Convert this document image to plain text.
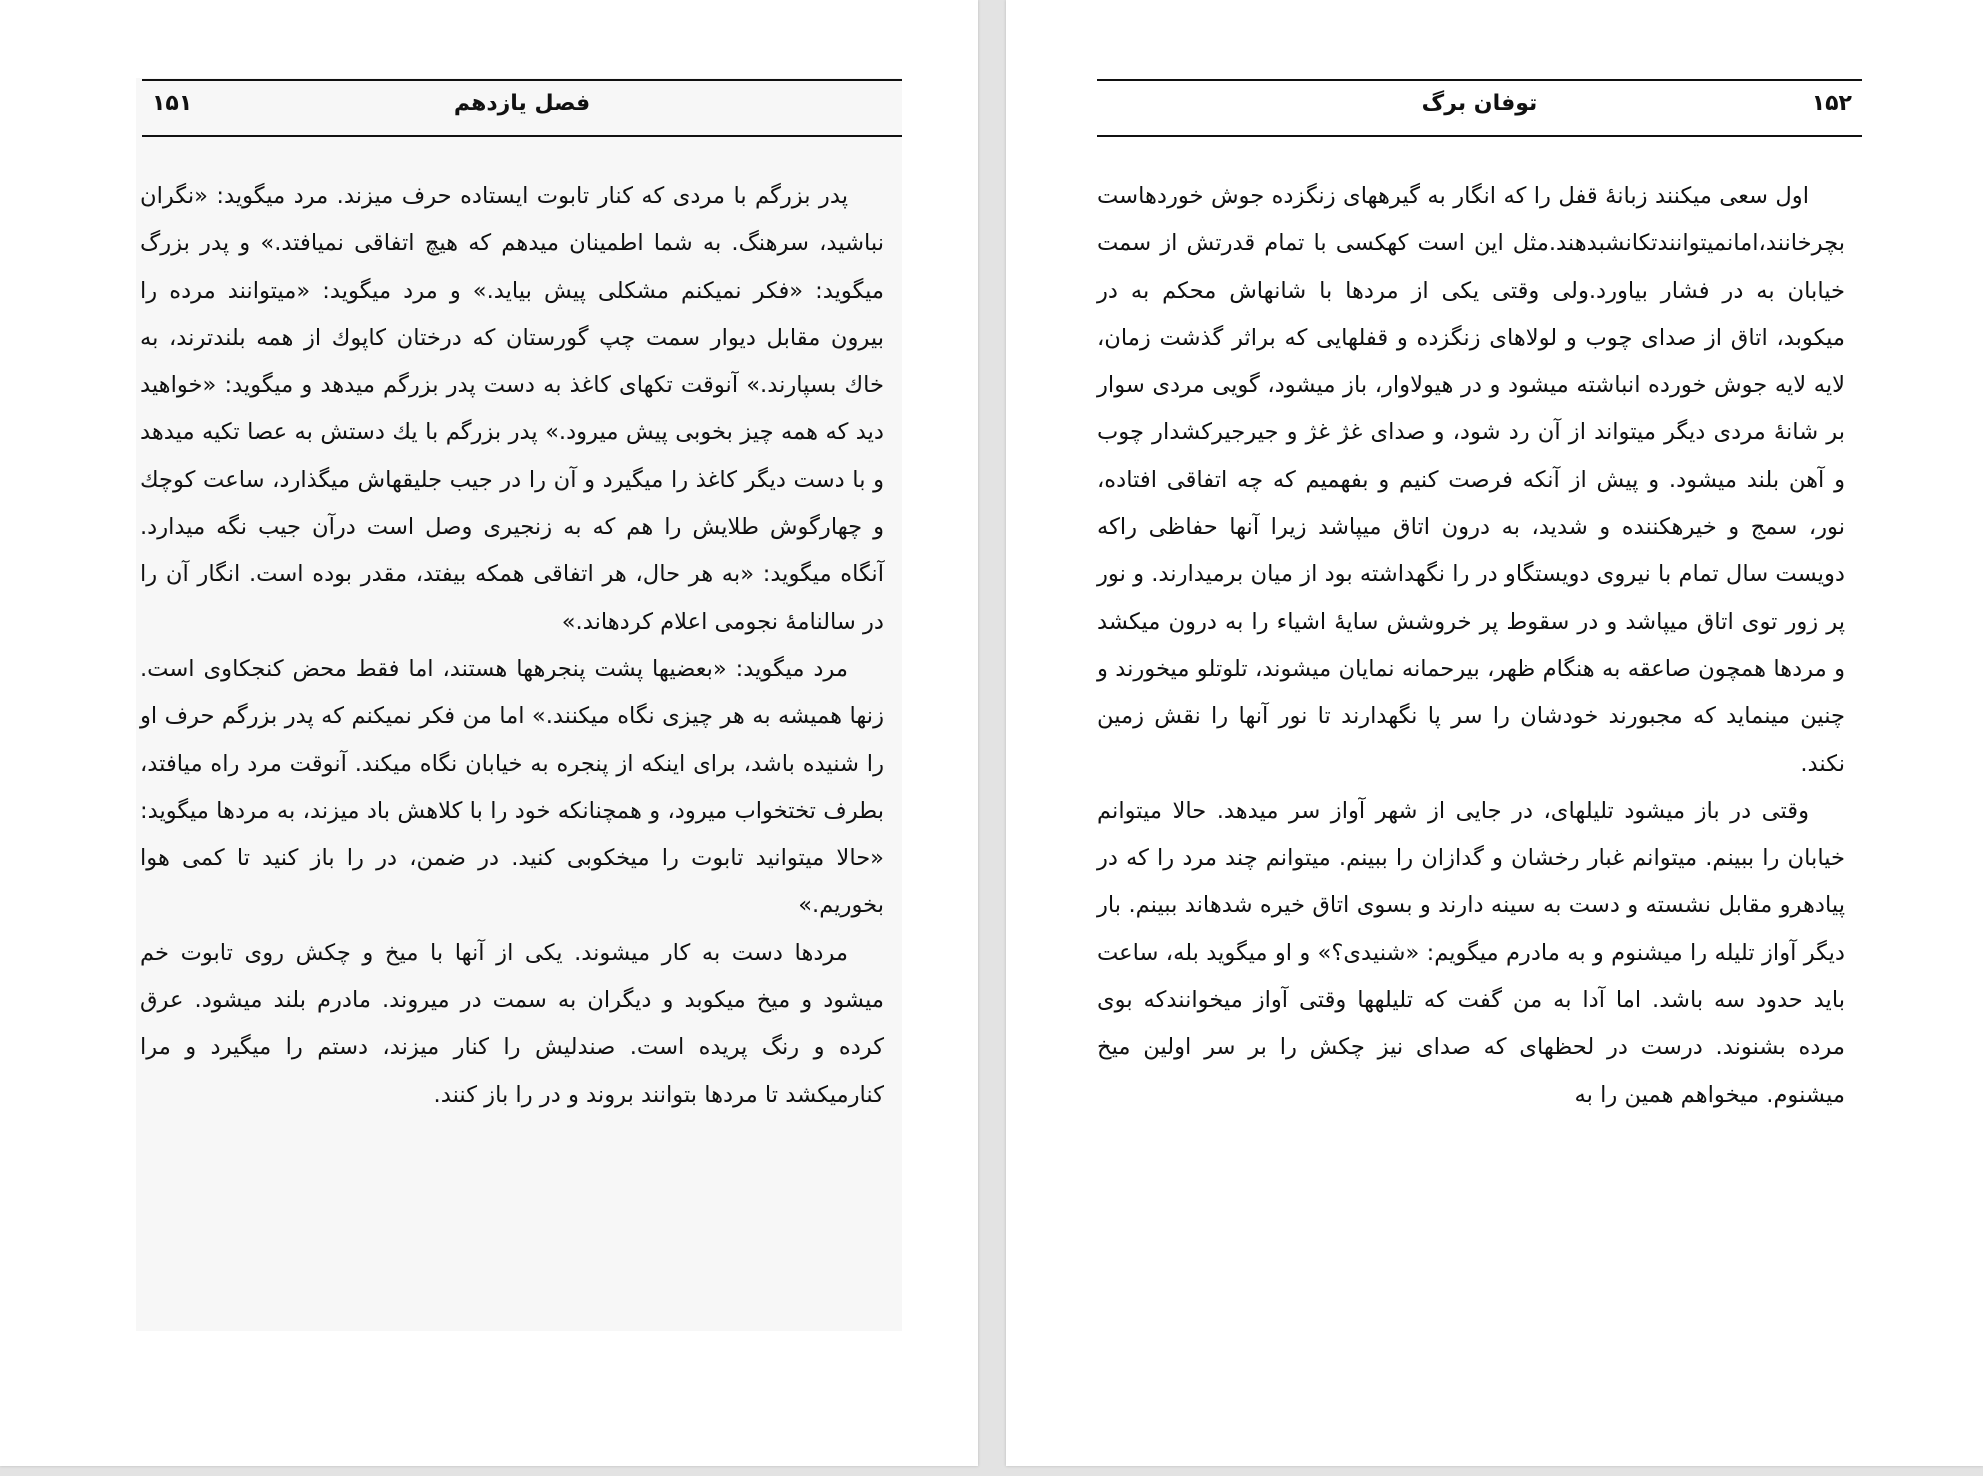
۱۵۱	فصل یازدهم

پدر بزرگم با مردی که کنار تابوت ایستاده حرف میزند. مرد میگوید: «نگران نباشید، سرهنگ. به شما اطمینان میدهم که هیچ اتفاقی نمیافتد.» و پدر بزرگ میگوید: «فکر نمیکنم مشکلی پیش بیاید.» و مرد میگوید: «میتوانند مرده را بیرون مقابل دیوار سمت چپ گورستان که درختان کاپوك از همه بلندترند، به خاك بسپارند.» آنوقت تکهای کاغذ به دست پدر بزرگم میدهد و میگوید: «خواهید دید که همه چیز بخوبی پیش میرود.» پدر بزرگم با یك دستش به عصا تکیه میدهد و با دست دیگر کاغذ را میگیرد و آن را در جیب جلیقهاش میگذارد، ساعت کوچك و چهارگوش طلایش را هم که به زنجیری وصل است درآن جیب نگه میدارد. آنگاه میگوید: «به هر حال، هر اتفاقی همکه بیفتد، مقدر بوده است. انگار آن را در سالنامهٔ نجومی اعلام کردهاند.»

مرد میگوید: «بعضیها پشت پنجرهها هستند، اما فقط محض کنجکاوی است. زنها همیشه به هر چیزی نگاه میکنند.» اما من فکر نمیکنم که پدر بزرگم حرف او را شنیده باشد، برای اینکه از پنجره به خیابان نگاه میکند. آنوقت مرد راه میافتد، بطرف تختخواب میرود، و همچنانکه خود را با کلاهش باد میزند، به مردها میگوید: «حالا میتوانید تابوت را میخکوبی کنید. در ضمن، در را باز کنید تا کمی هوا بخوریم.»

مردها دست به کار میشوند. یکی از آنها با میخ و چکش روی تابوت خم میشود و میخ میکوبد و دیگران به سمت در میروند. مادرم بلند میشود. عرق کرده و رنگ پریده است. صندلیش را کنار میزند، دستم را میگیرد و مرا کنارمیکشد تا مردها بتوانند بروند و در را باز کنند.

توفان برگ	۱۵۲

اول سعی میکنند زبانهٔ قفل را که انگار به گیرههای زنگزده جوش خوردهاست بچرخانند،امانمیتوانندتکانشبدهند.مثل این است کهکسی با تمام قدرتش از سمت خیابان به در فشار بیاورد.ولی وقتی یکی از مردها با شانهاش محکم به در میکوبد، اتاق از صدای چوب و لولاهای زنگزده و قفلهایی که براثر گذشت زمان، لایه لایه جوش خورده انباشته میشود و در هیولاوار، باز میشود، گویی مردی سوار بر شانهٔ مردی دیگر میتواند از آن رد شود، و صدای غژ غژ و جیرجیرکشدار چوب و آهن بلند میشود. و پیش از آنکه فرصت کنیم و بفهمیم که چه اتفاقی افتاده، نور، سمج و خیرهکننده و شدید، به درون اتاق میپاشد زیرا آنها حفاظی راکه دویست سال تمام با نیروی دویستگاو در را نگهداشته بود از میان برمیدارند. و نور پر زور توی اتاق میپاشد و در سقوط پر خروشش سایهٔ اشیاء را به درون میکشد و مردها همچون صاعقه به هنگام ظهر، بیرحمانه نمایان میشوند، تلوتلو میخورند و چنین مینماید که مجبورند خودشان را سر پا نگهدارند تا نور آنها را نقش زمین نکند.

وقتی در باز میشود تلیلهای، در جایی از شهر آواز سر میدهد. حالا میتوانم خیابان را ببینم. میتوانم غبار رخشان و گدازان را ببینم. میتوانم چند مرد را که در پیادهرو مقابل نشسته و دست به سینه دارند و بسوی اتاق خیره شدهاند ببینم. بار دیگر آواز تلیله را میشنوم و به مادرم میگویم: «شنیدی؟» و او میگوید بله، ساعت باید حدود سه باشد. اما آدا به من گفت که تلیلهها وقتی آواز میخوانندکه بوی مرده بشنوند. درست در لحظهای که صدای نیز چکش را بر سر اولین میخ میشنوم. میخواهم همین را به
